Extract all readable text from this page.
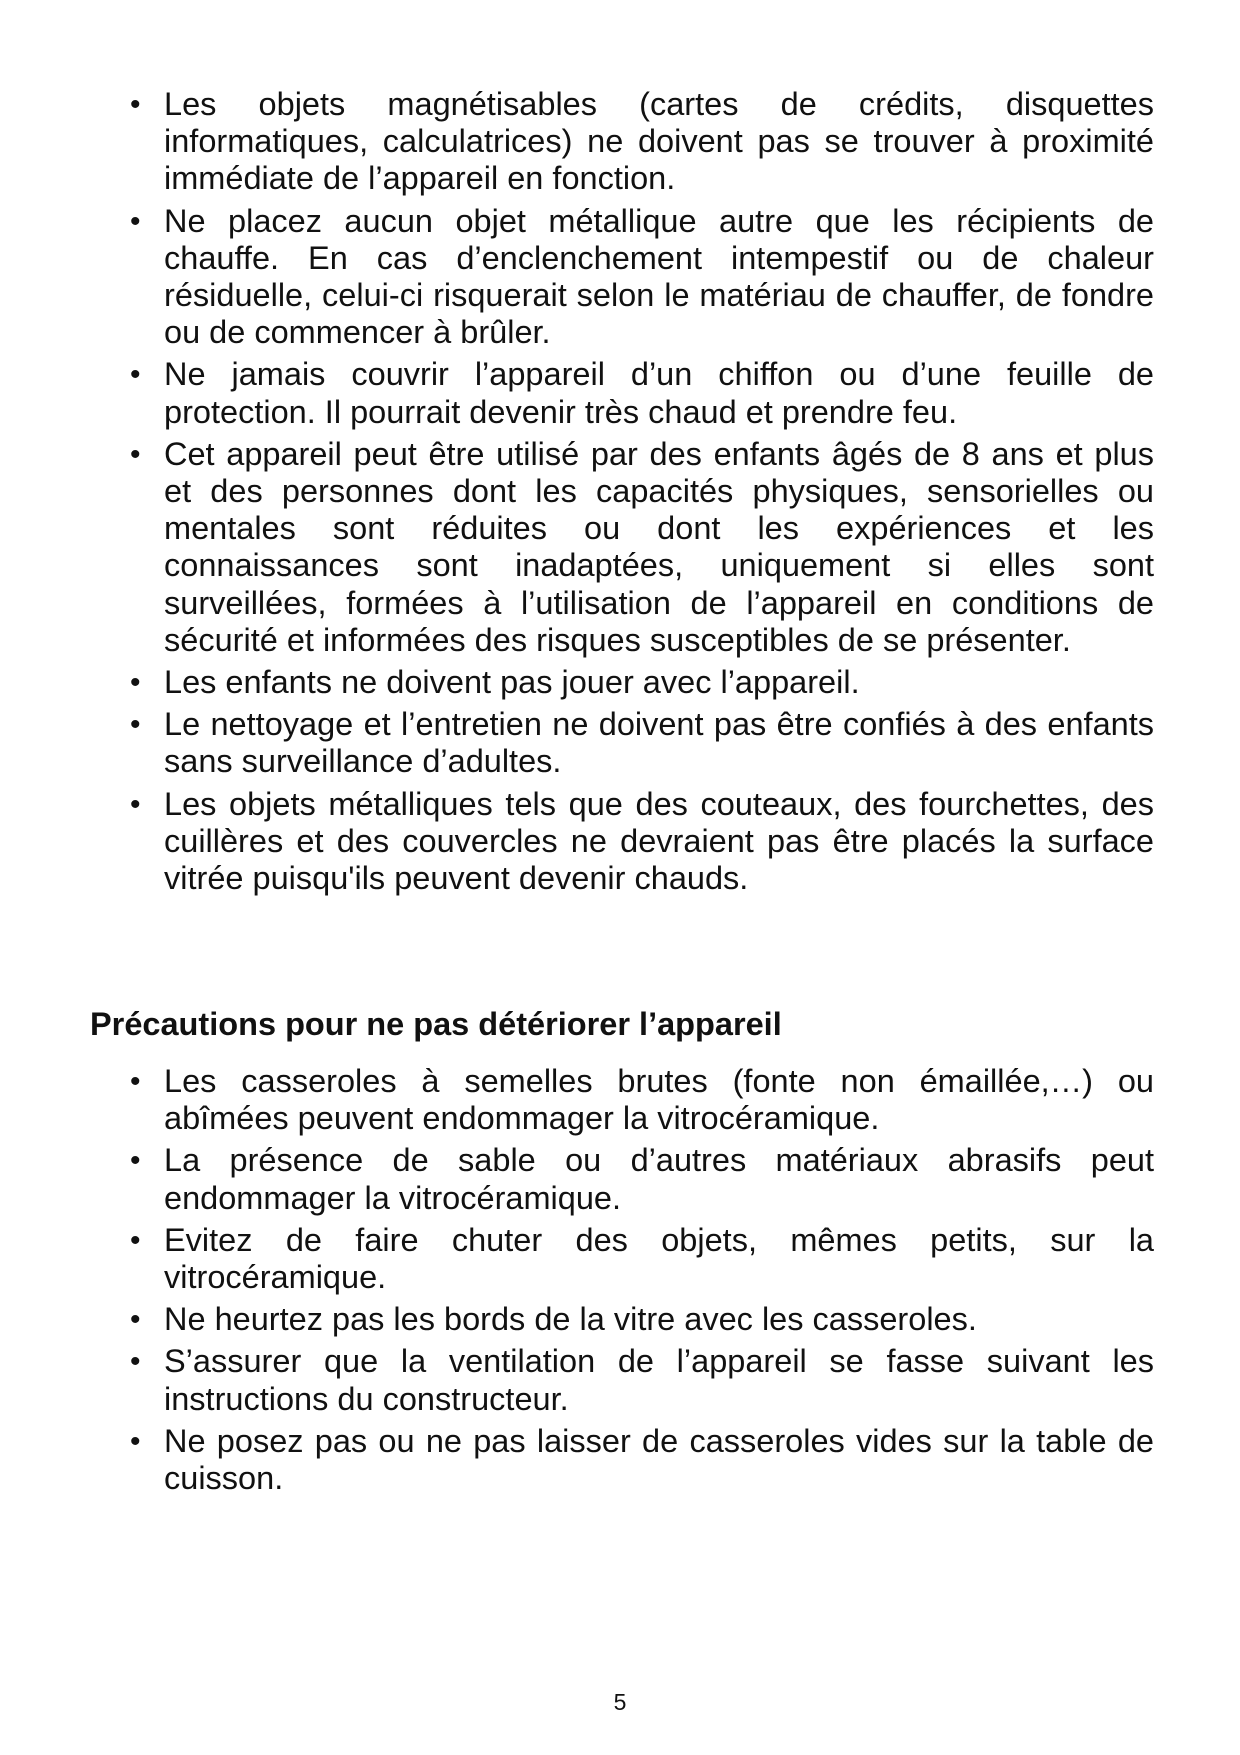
• Les objets magnétisables (cartes de crédits, disquettes informatiques, calculatrices) ne doivent pas se trouver à proximité immédiate de l’appareil en fonction.
• Ne placez aucun objet métallique autre que les récipients de chauffe. En cas d’enclenchement intempestif ou de chaleur résiduelle, celui-ci risquerait selon le matériau de chauffer, de fondre ou de commencer à brûler.
• Ne jamais couvrir l’appareil d’un chiffon ou d’une feuille de protection. Il pourrait devenir très chaud et prendre feu.
• Cet appareil peut être utilisé par des enfants âgés de 8 ans et plus et des personnes dont les capacités physiques, sensorielles ou mentales sont réduites ou dont les expériences et les connaissances sont inadaptées, uniquement si elles sont surveillées, formées à l’utilisation de l’appareil en conditions de sécurité et informées des risques susceptibles de se présenter.
• Les enfants ne doivent pas jouer avec l’appareil.
• Le nettoyage et l’entretien ne doivent pas être confiés à des enfants sans surveillance d’adultes.
• Les objets métalliques tels que des couteaux, des fourchettes, des cuillères et des couvercles ne devraient pas être placés la surface vitrée puisqu'ils peuvent devenir chauds.
Précautions pour ne pas détériorer l’appareil
• Les casseroles à semelles brutes (fonte non émaillée,…) ou abîmées peuvent endommager la vitrocéramique.
• La présence de sable ou d’autres matériaux abrasifs peut endommager la vitrocéramique.
• Evitez de faire chuter des objets, mêmes petits, sur la vitrocéramique.
• Ne heurtez pas les bords de la vitre avec les casseroles.
• S’assurer que la ventilation de l’appareil se fasse suivant les instructions du constructeur.
• Ne posez pas ou ne pas laisser de casseroles vides sur la table de cuisson.
5
